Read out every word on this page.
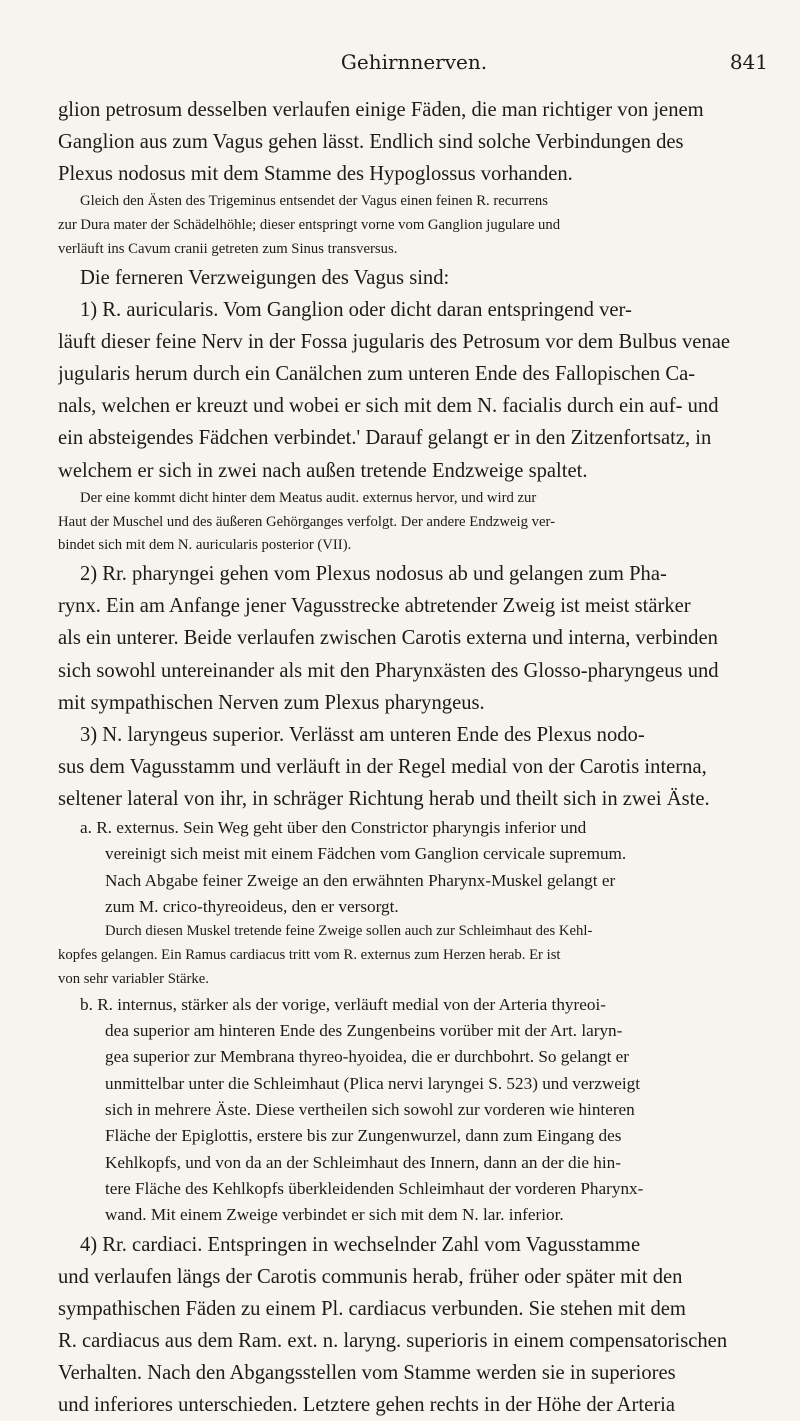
Gehirnnerven.	841
glion petrosum desselben verlaufen einige Fäden, die man richtiger von jenem
Ganglion aus zum Vagus gehen lässt. Endlich sind solche Verbindungen des
Plexus nodosus mit dem Stamme des Hypoglossus vorhanden.
Gleich den Ästen des Trigeminus entsendet der Vagus einen feinen R. recurrens
zur Dura mater der Schädelhöhle; dieser entspringt vorne vom Ganglion jugulare und
verläuft ins Cavum cranii getreten zum Sinus transversus.
Die ferneren Verzweigungen des Vagus sind:
1) R. auricularis. Vom Ganglion oder dicht daran entspringend ver-
läuft dieser feine Nerv in der Fossa jugularis des Petrosum vor dem Bulbus venae
jugularis herum durch ein Canälchen zum unteren Ende des Fallopischen Ca-
nals, welchen er kreuzt und wobei er sich mit dem N. facialis durch ein auf- und
ein absteigendes Fädchen verbindet.' Darauf gelangt er in den Zitzenfortsatz, in
welchem er sich in zwei nach außen tretende Endzweige spaltet.
Der eine kommt dicht hinter dem Meatus audit. externus hervor, und wird zur
Haut der Muschel und des äußeren Gehörganges verfolgt. Der andere Endzweig ver-
bindet sich mit dem N. auricularis posterior (VII).
2) Rr. pharyngei gehen vom Plexus nodosus ab und gelangen zum Pha-
rynx. Ein am Anfange jener Vagusstrecke abtretender Zweig ist meist stärker
als ein unterer. Beide verlaufen zwischen Carotis externa und interna, verbinden
sich sowohl untereinander als mit den Pharynxästen des Glosso-pharyngeus und
mit sympathischen Nerven zum Plexus pharyngeus.
3) N. laryngeus superior. Verlässt am unteren Ende des Plexus nodo-
sus dem Vagusstamm und verläuft in der Regel medial von der Carotis interna,
seltener lateral von ihr, in schräger Richtung herab und theilt sich in zwei Äste.
a. R. externus. Sein Weg geht über den Constrictor pharyngis inferior und
vereinigt sich meist mit einem Fädchen vom Ganglion cervicale supremum.
Nach Abgabe feiner Zweige an den erwähnten Pharynx-Muskel gelangt er
zum M. crico-thyreoideus, den er versorgt.
Durch diesen Muskel tretende feine Zweige sollen auch zur Schleimhaut des Kehl-
kopfes gelangen. Ein Ramus cardiacus tritt vom R. externus zum Herzen herab. Er ist
von sehr variabler Stärke.
b. R. internus, stärker als der vorige, verläuft medial von der Arteria thyreoi-
dea superior am hinteren Ende des Zungenbeins vorüber mit der Art. laryn-
gea superior zur Membrana thyreo-hyoidea, die er durchbohrt. So gelangt er
unmittelbar unter die Schleimhaut (Plica nervi laryngei S. 523) und verzweigt
sich in mehrere Äste. Diese vertheilen sich sowohl zur vorderen wie hinteren
Fläche der Epiglottis, erstere bis zur Zungenwurzel, dann zum Eingang des
Kehlkopfs, und von da an der Schleimhaut des Innern, dann an der die hin-
tere Fläche des Kehlkopfs überkleidenden Schleimhaut der vorderen Pharynx-
wand. Mit einem Zweige verbindet er sich mit dem N. lar. inferior.
4) Rr. cardiaci. Entspringen in wechselnder Zahl vom Vagusstamme
und verlaufen längs der Carotis communis herab, früher oder später mit den
sympathischen Fäden zu einem Pl. cardiacus verbunden. Sie stehen mit dem
R. cardiacus aus dem Ram. ext. n. laryng. superioris in einem compensatorischen
Verhalten. Nach den Abgangsstellen vom Stamme werden sie in superiores
und inferiores unterschieden. Letztere gehen rechts in der Höhe der Arteria
